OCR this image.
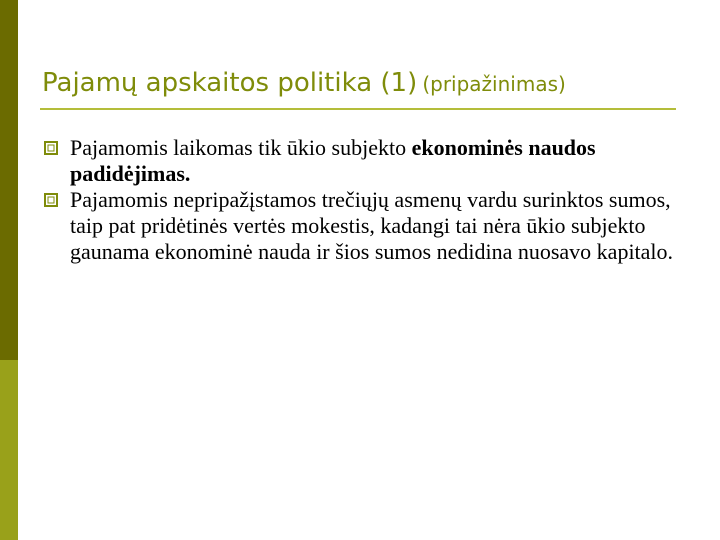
Pajamų apskaitos politika (1) (pripažinimas)
Pajamomis laikomas tik ūkio subjekto ekonominės naudos padidėjimas.
Pajamomis nepripažįstamos trečiųjų asmenų vardu surinktos sumos, taip pat pridėtinės vertės mokestis, kadangi tai nėra ūkio subjekto gaunama ekonominė nauda ir šios sumos nedidina nuosavo kapitalo.
